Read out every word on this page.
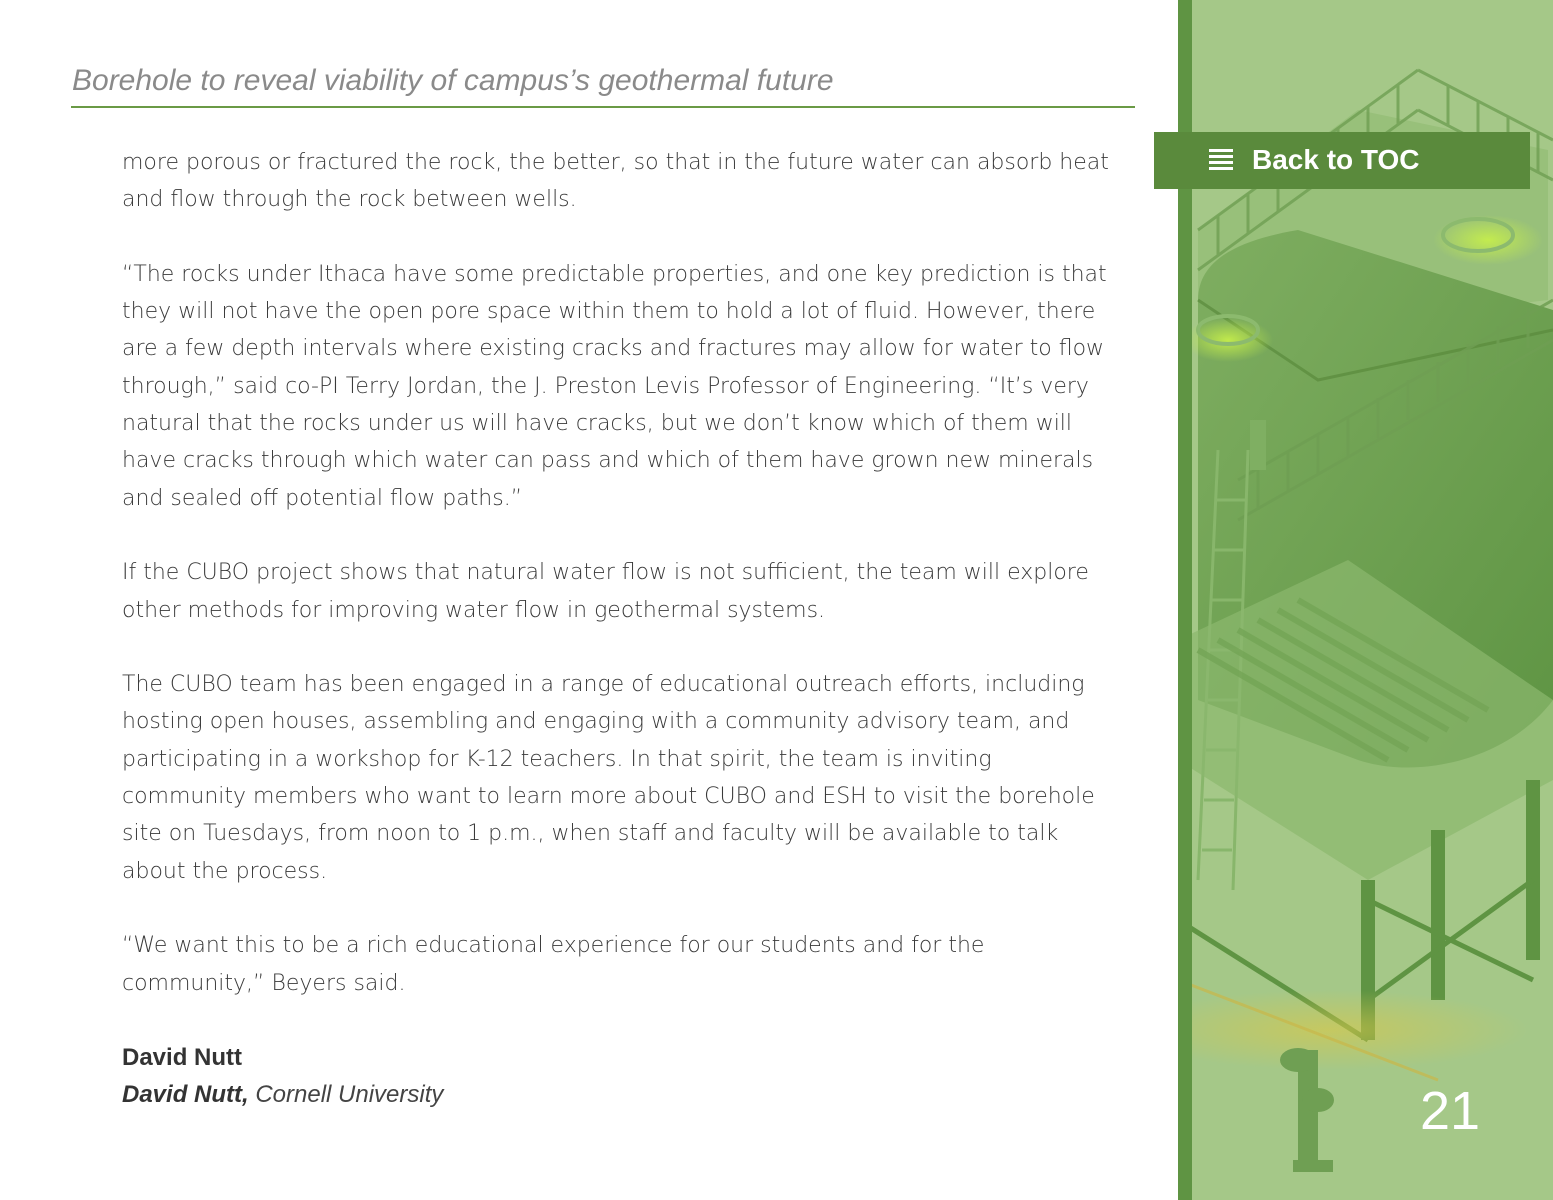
Borehole to reveal viability of campus’s geothermal future

more porous or fractured the rock, the better, so that in the future water can absorb heat and flow through the rock between wells.

“The rocks under Ithaca have some predictable properties, and one key prediction is that they will not have the open pore space within them to hold a lot of fluid. However, there are a few depth intervals where existing cracks and fractures may allow for water to flow through,” said co-PI Terry Jordan, the J. Preston Levis Professor of Engineering. “It’s very natural that the rocks under us will have cracks, but we don’t know which of them will have cracks through which water can pass and which of them have grown new minerals and sealed off potential flow paths.”

If the CUBO project shows that natural water flow is not sufficient, the team will explore other methods for improving water flow in geothermal systems.

The CUBO team has been engaged in a range of educational outreach efforts, including hosting open houses, assembling and engaging with a community advisory team, and participating in a workshop for K-12 teachers. In that spirit, the team is inviting community members who want to learn more about CUBO and ESH to visit the borehole site on Tuesdays, from noon to 1 p.m., when staff and faculty will be available to talk about the process.

“We want this to be a rich educational experience for our students and for the community,” Beyers said.

David Nutt
David Nutt, Cornell University
Back to TOC
21
